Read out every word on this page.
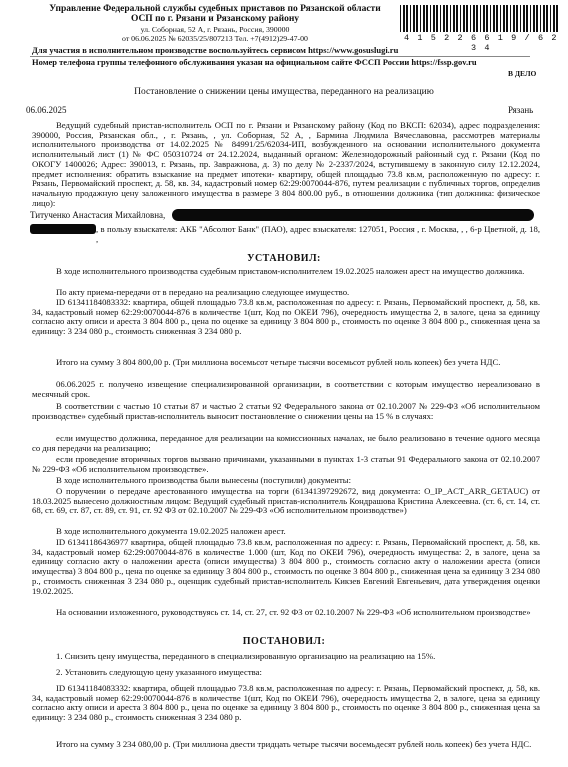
Управление Федеральной службы судебных приставов по Рязанской области
ОСП по г. Рязани и Рязанскому району
ул. Соборная, 52 А, г. Рязань, Россия, 390000
от 06.06.2025 № 62035/25/807213 Тел. +7(4912)29-47-00	4 1 5 2 2 6 6 1 9 / 6 2 3 4
Для участия в исполнительном производстве воспользуйтесь сервисом https://www.gosuslugi.ru
Номер телефона группы телефонного обслуживания указан на официальном сайте ФССП России https://fssp.gov.ru
В ДЕЛО
Постановление о снижении цены имущества, переданного на реализацию
06.06.2025	Рязань
Ведущий судебный пристав-исполнитель ОСП по г. Рязани и Рязанскому району (Код по ВКСП: 62034), адрес подразделения: 390000, Россия, Рязанская обл., , г. Рязань, , ул. Соборная, 52 А, , Бармина Людмила Вячеславовна, рассмотрев материалы исполнительного производства от 14.02.2025 № 84991/25/62034-ИП, возбужденного на основании исполнительного документа исполнительный лист (1) № ФС 050310724 от 24.12.2024, выданный органом: Железнодорожный районный суд г. Рязани (Код по ОКОГУ 1400026; Адрес: 390013, г. Рязань, пр. Завражнова, д. 3) по делу № 2-2337/2024, вступившему в законную силу 12.12.2024, предмет исполнения: обратить взыскание на предмет ипотеки- квартиру, общей площадью 73.8 кв.м, расположенную по адресу: г. Рязань, Первомайский проспект, д. 58, кв. 34, кадастровый номер 62:29:0070044-876, путем реализации с публичных торгов, определив начальную продажную цену заложенного имущества в размере 3 804 800.00 руб., в отношении должника (тип должника: физическое лицо):
Титученко Анастасия Михайловна,
, в пользу взыскателя: АКБ "Абсолют Банк" (ПАО), адрес взыскателя: 127051, Россия , г. Москва, , , 6-р Цветной, д. 18, ,
УСТАНОВИЛ:
В ходе исполнительного производства судебным приставом-исполнителем 19.02.2025 наложен арест на имущество должника.
По акту приема-передачи от в передано на реализацию следующее имущество.
ID 61341184083332: квартира, общей площадью 73.8 кв.м, расположенная по адресу: г. Рязань, Первомайский проспект, д. 58, кв. 34, кадастровый номер 62:29:0070044-876 в количестве 1(шт, Код по ОКЕИ 796), очередность имущества 2, в залоге, цена за единицу согласно акту описи и ареста 3 804 800 р., цена по оценке за единицу 3 804 800 р., стоимость по оценке 3 804 800 р., сниженная цена за единицу: 3 234 080 р., стоимость сниженная 3 234 080 р.
Итого на сумму 3 804 800,00 р. (Три миллиона восемьсот четыре тысячи восемьсот рублей ноль копеек) без учета НДС.
06.06.2025 г. получено извещение специализированной организации, в соответствии с которым имущество нереализовано в месячный срок.
В соответствии с частью 10 статьи 87 и частью 2 статьи 92 Федерального закона от 02.10.2007 № 229-ФЗ «Об исполнительном производстве» судебный пристав-исполнитель выносит постановление о снижении цены на 15 % в случаях:
если имущество должника, переданное для реализации на комиссионных началах, не было реализовано в течение одного месяца со дня передачи на реализацию;
если проведение вторичных торгов вызвано причинами, указанными в пунктах 1-3 статьи 91 Федерального закона от 02.10.2007 № 229-ФЗ «Об исполнительном производстве».
В ходе исполнительного производства были вынесены (поступили) документы:
О поручении о передаче арестованного имущества на торги (61341397292672, вид документа: O_IP_ACT_ARR_GETAUC) от 18.03.2025 вынесено должностным лицом: Ведущий судебный пристав-исполнитель Кондрашова Кристина Алексеевна. (ст. 6, ст. 14, ст. 68, ст. 69, ст. 87, ст. 89, ст. 91, ст. 92 ФЗ от 02.10.2007 № 229-ФЗ «Об исполнительном производстве»)
В ходе исполнительного документа 19.02.2025 наложен арест.
ID 61341186436977 квартира, общей площадью 73.8 кв.м, расположенная по адресу: г. Рязань, Первомайский проспект, д. 58, кв. 34, кадастровый номер 62:29:0070044-876 в количестве 1.000 (шт, Код по ОКЕИ 796), очередность имущества: 2, в залоге, цена за единицу согласно акту о наложении ареста (описи имущества) 3 804 800 р., стоимость согласно акту о наложении ареста (описи имущества) 3 804 800 р., цена по оценке за единицу 3 804 800 р., стоимость по оценке 3 804 800 р., сниженная цена за единицу 3 234 080 р., стоимость сниженная 3 234 080 р., оценщик судебный пристав-исполнитель Кикзев Евгений Евгеньевич, дата утверждения оценки 19.02.2025.
На основании изложенного, руководствуясь ст. 14, ст. 27, ст. 92 ФЗ от 02.10.2007 № 229-ФЗ «Об исполнительном производстве»
ПОСТАНОВИЛ:
1. Снизить цену имущества, переданного в специализированную организацию на реализацию на 15%.
2. Установить следующую цену указанного имущества:
ID 61341184083332: квартира, общей площадью 73.8 кв.м, расположенная по адресу: г. Рязань, Первомайский проспект, д. 58, кв. 34, кадастровый номер 62:29:0070044-876 в количестве 1(шт, Код по ОКЕИ 796), очередность имущества 2, в залоге, цена за единицу согласно акту описи и ареста 3 804 800 р., цена по оценке за единицу 3 804 800 р., стоимость по оценке 3 804 800 р., сниженная цена за единицу: 3 234 080 р., стоимость сниженная 3 234 080 р.
Итого на сумму 3 234 080,00 р. (Три миллиона двести тридцать четыре тысячи восемьдесят рублей ноль копеек) без учета НДС.
